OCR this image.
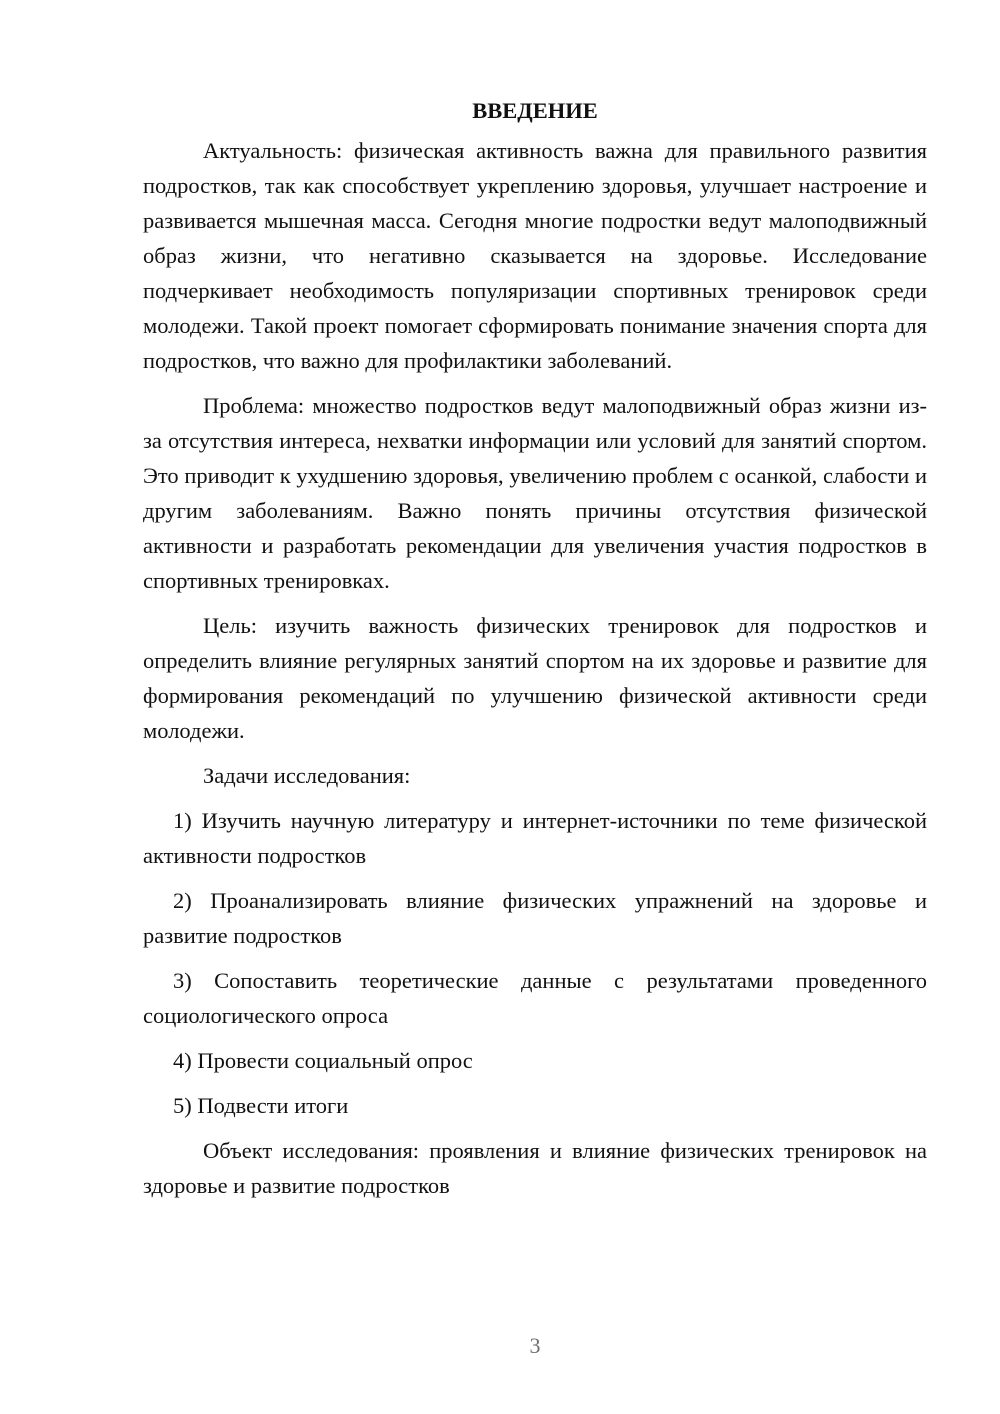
ВВЕДЕНИЕ

Актуальность: физическая активность важна для правильного развития подростков, так как способствует укреплению здоровья, улучшает настроение и развивается мышечная масса. Сегодня многие подростки ведут малоподвижный образ жизни, что негативно сказывается на здоровье. Исследование подчеркивает необходимость популяризации спортивных тренировок среди молодежи. Такой проект помогает сформировать понимание значения спорта для подростков, что важно для профилактики заболеваний.

Проблема: множество подростков ведут малоподвижный образ жизни из-за отсутствия интереса, нехватки информации или условий для занятий спортом. Это приводит к ухудшению здоровья, увеличению проблем с осанкой, слабости и другим заболеваниям. Важно понять причины отсутствия физической активности и разработать рекомендации для увеличения участия подростков в спортивных тренировках.

Цель: изучить важность физических тренировок для подростков и определить влияние регулярных занятий спортом на их здоровье и развитие для формирования рекомендаций по улучшению физической активности среди молодежи.

Задачи исследования:

1) Изучить научную литературу и интернет-источники по теме физической активности подростков

2) Проанализировать влияние физических упражнений на здоровье и развитие подростков

3) Сопоставить теоретические данные с результатами проведенного социологического опроса

4) Провести социальный опрос

5) Подвести итоги

Объект исследования: проявления и влияние физических тренировок на здоровье и развитие подростков

3
